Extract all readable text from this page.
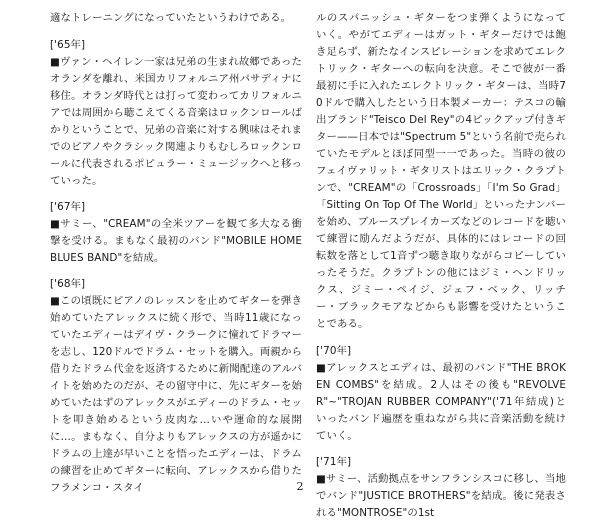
適なトレーニングになっていたというわけである。

['65年]

■ヴァン・ヘイレン一家は兄弟の生まれ故郷であったオランダを離れ、米国カリフォルニア州パサディナに移住。オランダ時代とは打って変わってカリフォルニアでは周囲から聴こえてくる音楽はロックンロールばかりということで、兄弟の音楽に対する興味はそれまでのピアノやクラシック関連よりもむしろロックンロールに代表されるポピュラー・ミュージックへと移っていった。

['67年]

■サミー、"CREAM"の全米ツアーを観て多大なる衝撃を受ける。まもなく最初のバンド"MOBILE HOME BLUES BAND"を結成。

['68年]

■この頃既にピアノのレッスンを止めてギターを弾き始めていたアレックスに続く形で、当時11歳になっていたエディーはデイヴ・クラークに憧れてドラマーを志し、120ドルでドラム・セットを購入。両親から借りたドラム代金を返済するために新聞配達のアルバイトを始めたのだが、その留守中に、先にギターを始めていたはずのアレックスがエディーのドラム・セットを叩き始めるという皮肉な…いや運命的な展開に…。まもなく、自分よりもアレックスの方が遥かにドラムの上達が早いことを悟ったエディーは、ドラムの練習を止めてギターに転向、アレックスから借りたフラメンコ・スタイ

ルのスパニッシュ・ギターをつま弾くようになっていく。やがてエディーはガット・ギターだけでは飽き足らず、新たなインスピレーションを求めてエレクトリック・ギターへの転向を決意。そこで彼が一番最初に手に入れたエレクトリック・ギターは、当時70ドルで購入したという日本製メーカー：テスコの輸出ブランド"Teisco Del Rey"の4ピックアップ付きギター——日本では"Spectrum 5"という名前で売られていたモデルとほぼ同型一一であった。当時の彼のフェイヴァリット・ギタリストはエリック・クラプトンで、"CREAM"の「Crossroads」「I'm So Grad」「Sitting On Top Of The World」といったナンバーを始め、ブルースプレイカーズなどのレコードを聴いて練習に励んだようだが、具体的にはレコードの回転数を落として1音ずつ聴き取りながらコピーしていったそうだ。クラプトンの他にはジミ・ヘンドリックス、ジミー・ペイジ、ジェフ・ベック、リッチー・ブラックモアなどからも影響を受けたということである。

['70年]

■アレックスとエディは、最初のバンド"THE BROKEN COMBS"を結成。2人はその後も"REVOLVER"~"TROJAN RUBBER COMPANY"('71年結成)といったバンド遍歴を重ねながら共に音楽活動を続けていく。

['71年]

■サミー、活動拠点をサンフランシスコに移し、当地でバンド"JUSTICE BROTHERS"を結成。後に発表される"MONTROSE"の1st

2
